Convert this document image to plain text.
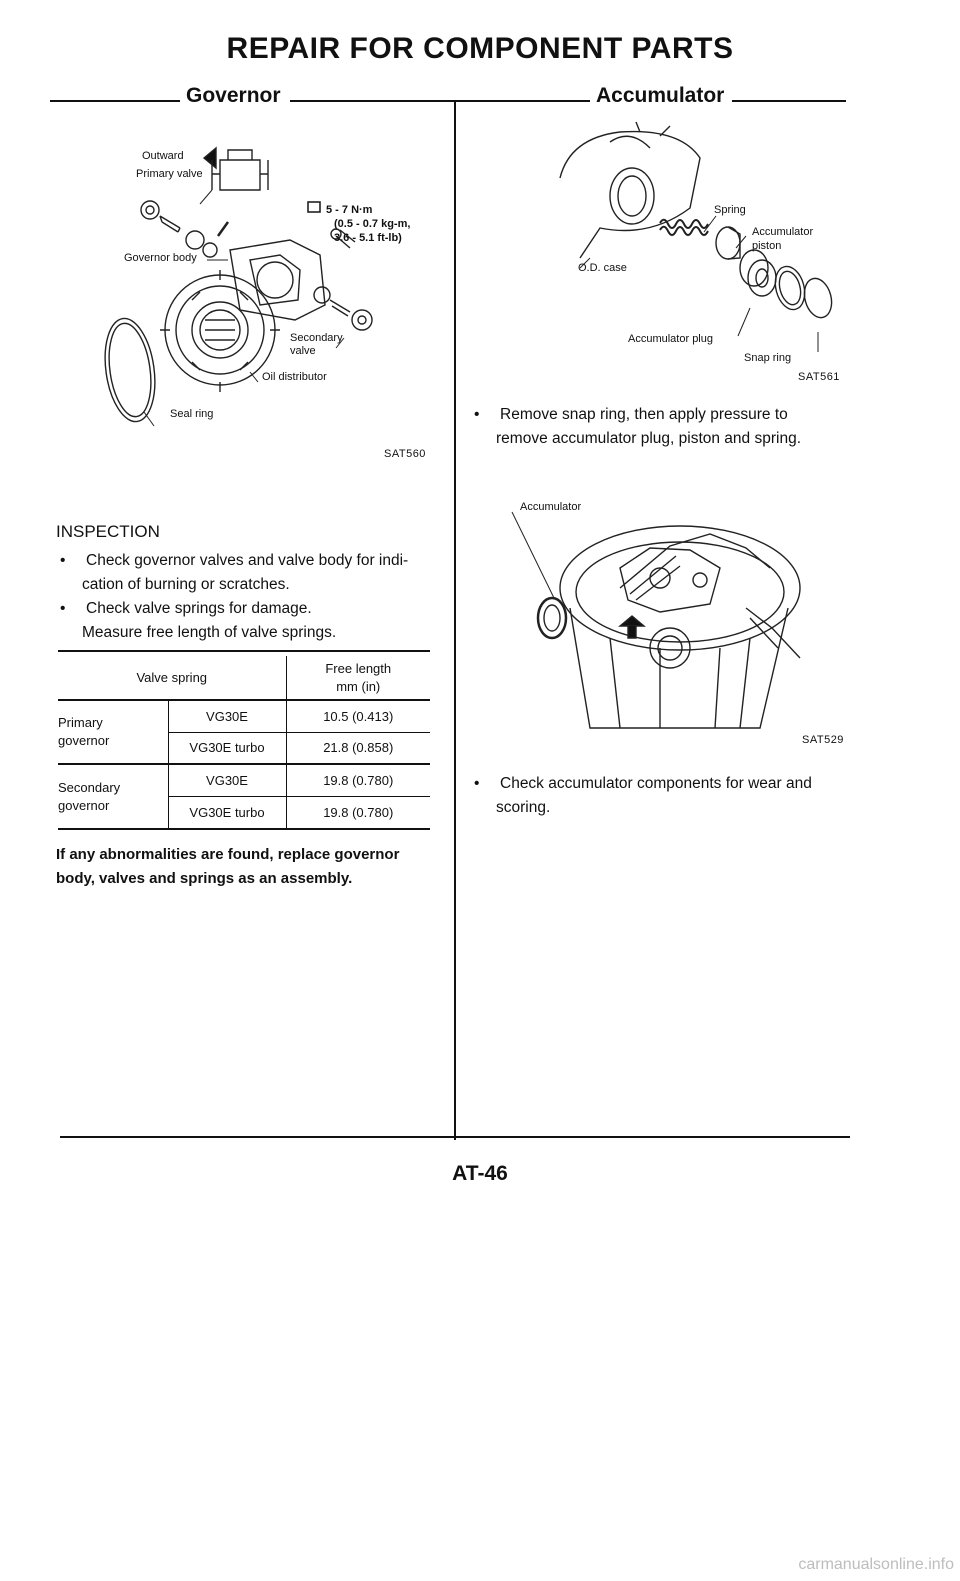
REPAIR FOR COMPONENT PARTS
Governor	Accumulator
Outward
Primary valve
Governor body
5 - 7 N·m
(0.5 - 0.7 kg-m,
3.6 - 5.1 ft-lb)
Secondary
valve
Oil distributor
Seal ring
SAT560
INSPECTION
•	Check governor valves and valve body for indi-
cation of burning or scratches.
•	Check valve springs for damage.
Measure free length of valve springs.
Valve spring		Free length
mm (in)

Primary
governor	VG30E	10.5 (0.413)
	VG30E turbo	21.8 (0.858)

Secondary
governor	VG30E	19.8 (0.780)
	VG30E turbo	19.8 (0.780)
If any abnormalities are found, replace governor
body, valves and springs as an assembly.
Spring
Accumulator
piston
O.D. case
Accumulator plug
Snap ring
SAT561
•	Remove snap ring, then apply pressure to
remove accumulator plug, piston and spring.
Accumulator
SAT529
•	Check accumulator components for wear and
scoring.
AT-46
carmanualsonline.info
